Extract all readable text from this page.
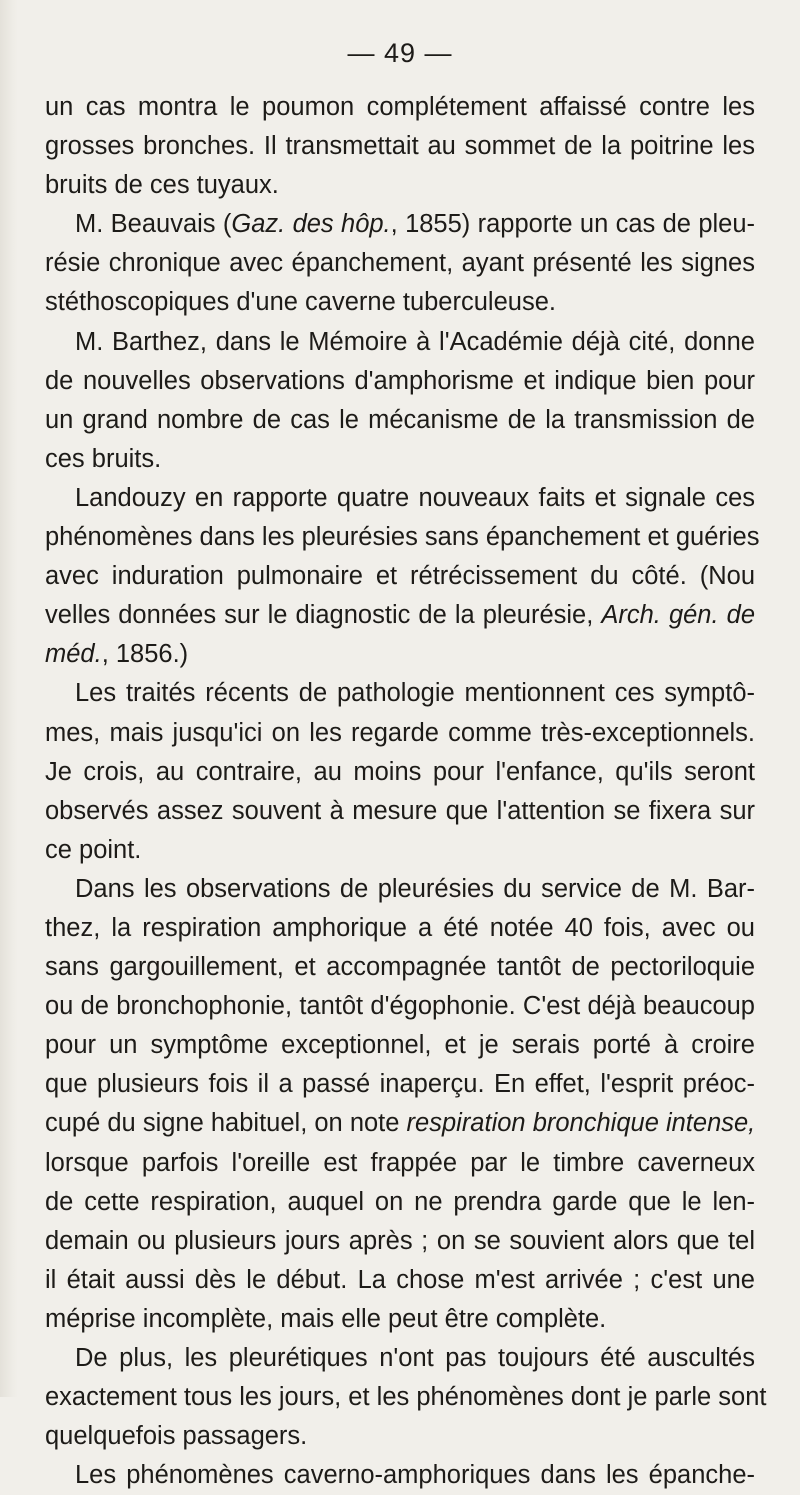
— 49 —
un cas montra le poumon complétement affaissé contre les
grosses bronches. Il transmettait au sommet de la poitrine les
bruits de ces tuyaux.
M. Beauvais (Gaz. des hôp., 1855) rapporte un cas de pleu-
résie chronique avec épanchement, ayant présenté les signes
stéthoscopiques d'une caverne tuberculeuse.
M. Barthez, dans le Mémoire à l'Académie déjà cité, donne
de nouvelles observations d'amphorisme et indique bien pour
un grand nombre de cas le mécanisme de la transmission de
ces bruits.
Landouzy en rapporte quatre nouveaux faits et signale ces
phénomènes dans les pleurésies sans épanchement et guéries
avec induration pulmonaire et rétrécissement du côté. (Nou
velles données sur le diagnostic de la pleurésie, Arch. gén. de
méd., 1856.)
Les traités récents de pathologie mentionnent ces symptô-
mes, mais jusqu'ici on les regarde comme très-exceptionnels.
Je crois, au contraire, au moins pour l'enfance, qu'ils seront
observés assez souvent à mesure que l'attention se fixera sur
ce point.
Dans les observations de pleurésies du service de M. Bar-
thez, la respiration amphorique a été notée 40 fois, avec ou
sans gargouillement, et accompagnée tantôt de pectoriloquie
ou de bronchophonie, tantôt d'égophonie. C'est déjà beaucoup
pour un symptôme exceptionnel, et je serais porté à croire
que plusieurs fois il a passé inaperçu. En effet, l'esprit préoc-
cupé du signe habituel, on note respiration bronchique intense,
lorsque parfois l'oreille est frappée par le timbre caverneux
de cette respiration, auquel on ne prendra garde que le len-
demain ou plusieurs jours après ; on se souvient alors que tel
il était aussi dès le début. La chose m'est arrivée ; c'est une
méprise incomplète, mais elle peut être complète.
De plus, les pleurétiques n'ont pas toujours été auscultés
exactement tous les jours, et les phénomènes dont je parle sont
quelquefois passagers.
Les phénomènes caverno-amphoriques dans les épanche-
